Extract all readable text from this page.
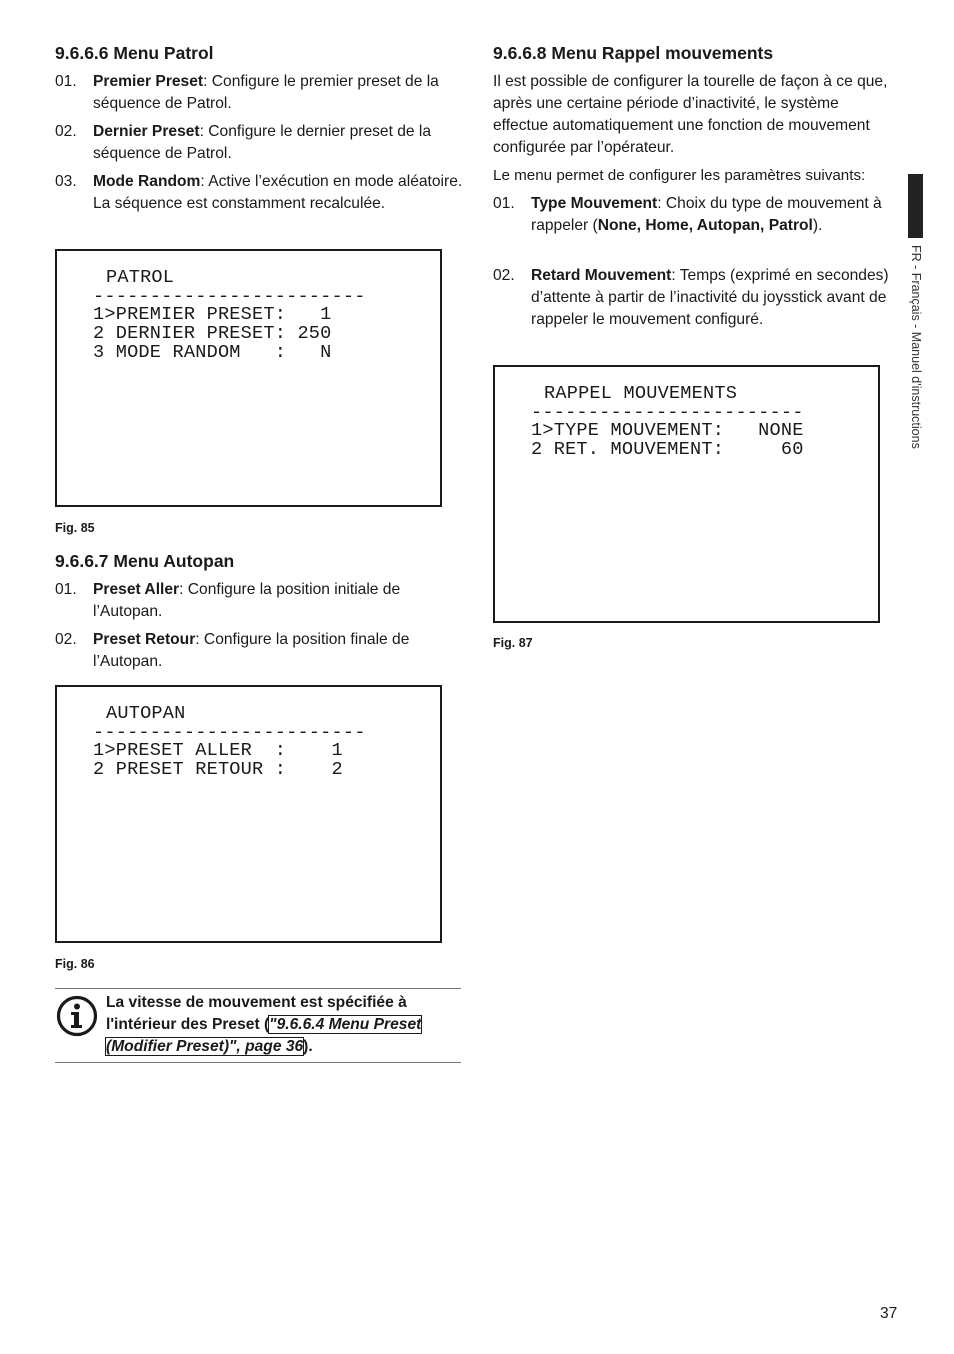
9.6.6.6 Menu Patrol
01. Premier Preset: Configure le premier preset de la séquence de Patrol.
02. Dernier Preset: Configure le dernier preset de la séquence de Patrol.
03. Mode Random: Active l’exécution en mode aléatoire. La séquence est constamment recalculée.
PATROL
------------------------
1>PREMIER PRESET:   1
2 DERNIER PRESET: 250
3 MODE RANDOM   :   N

Fig. 85

9.6.6.7 Menu Autopan
01. Preset Aller: Configure la position initiale de l’Autopan.
02. Preset Retour: Configure la position finale de l’Autopan.
AUTOPAN
------------------------
1>PRESET ALLER  :    1
2 PRESET RETOUR :    2

Fig. 86

La vitesse de mouvement est spécifiée à l'intérieur des Preset ("9.6.6.4 Menu Preset (Modifier Preset)", page 36).
9.6.6.8 Menu Rappel mouvements

Il est possible de configurer la tourelle de façon à ce que, après une certaine période d’inactivité, le système effectue automatiquement une fonction de mouvement configurée par l’opérateur.

Le menu permet de configurer les paramètres suivants:

01. Type Mouvement: Choix du type de mouvement à rappeler (None, Home, Autopan, Patrol).
02. Retard Mouvement: Temps (exprimé en secondes) d’attente à partir de l’inactivité du joysstick avant de rappeler le mouvement configuré.
RAPPEL MOUVEMENTS
------------------------
1>TYPE MOUVEMENT:   NONE
2 RET. MOUVEMENT:     60

Fig. 87

FR - Français - Manuel d'instructions
37
